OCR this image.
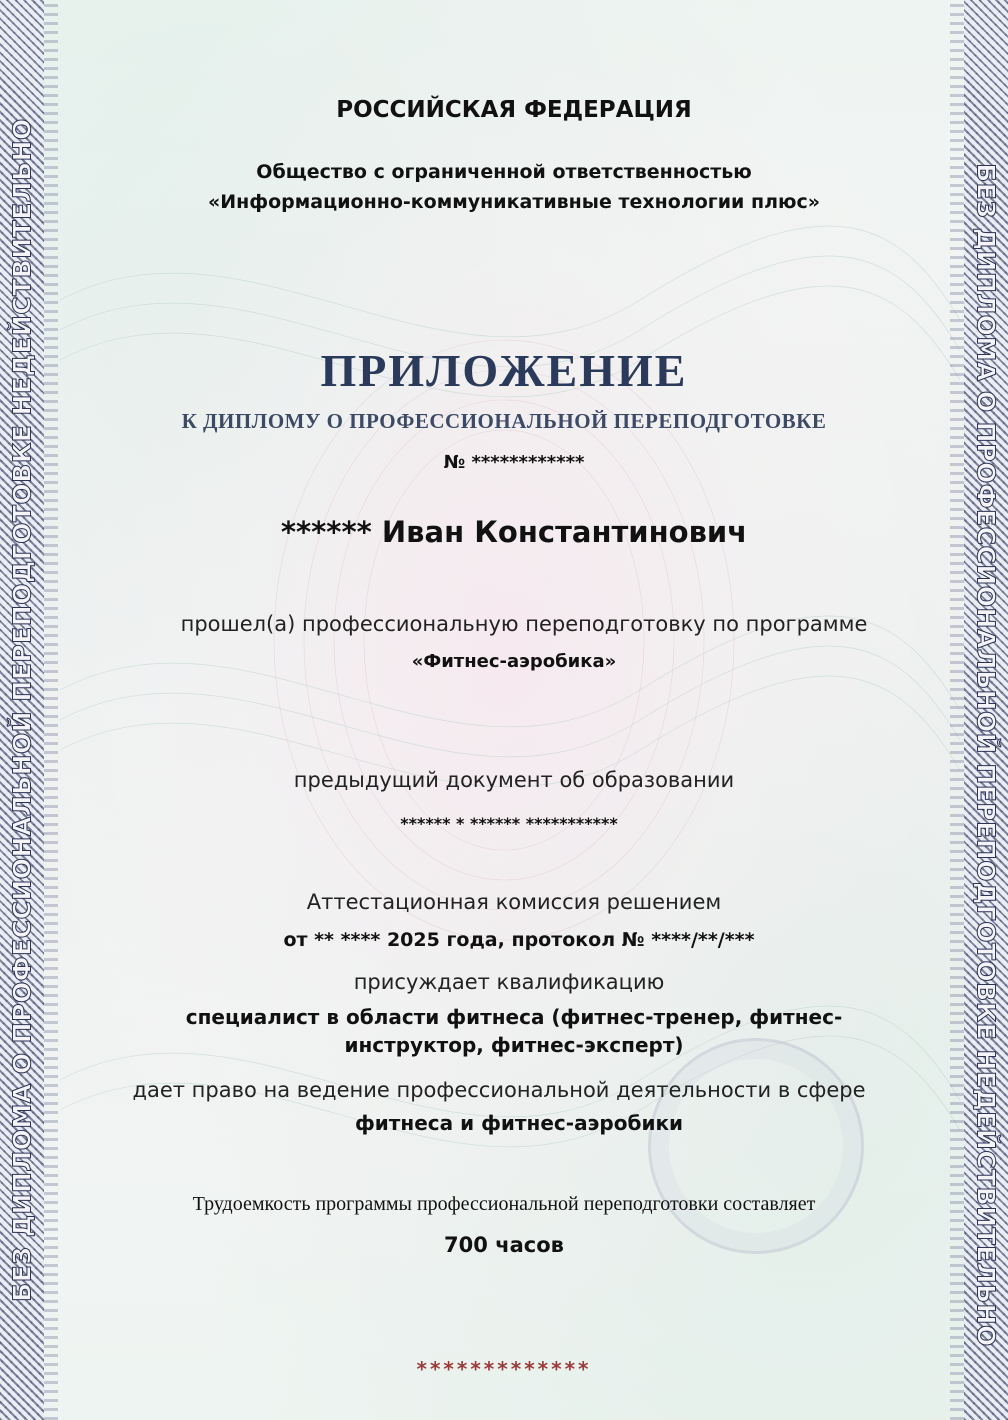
БЕЗ ДИПЛОМА О ПРОФЕССИОНАЛЬНОЙ ПЕРЕПОДГОТОВКЕ НЕДЕЙСТВИТЕЛЬНО	БЕЗ ДИПЛОМА О ПРОФЕССИОНАЛЬНОЙ ПЕРЕПОДГОТОВКЕ НЕДЕЙСТВИТЕЛЬНО
РОССИЙСКАЯ ФЕДЕРАЦИЯ
Общество с ограниченной ответственностью
«Информационно-коммуникативные технологии плюс»
ПРИЛОЖЕНИЕ
К ДИПЛОМУ О ПРОФЕССИОНАЛЬНОЙ ПЕРЕПОДГОТОВКЕ
№ ************
****** Иван Константинович
прошел(а) профессиональную переподготовку по программе
«Фитнес-аэробика»
предыдущий документ об образовании
****** * ****** ***********
Аттестационная комиссия решением
от ** **** 2025 года, протокол № ****/**/***
присуждает квалификацию
специалист в области фитнеса (фитнес-тренер, фитнес-
инструктор, фитнес-эксперт)
дает право на ведение профессиональной деятельности в сфере
фитнеса и фитнес-аэробики
Трудоемкость программы профессиональной переподготовки составляет
700 часов
*************
